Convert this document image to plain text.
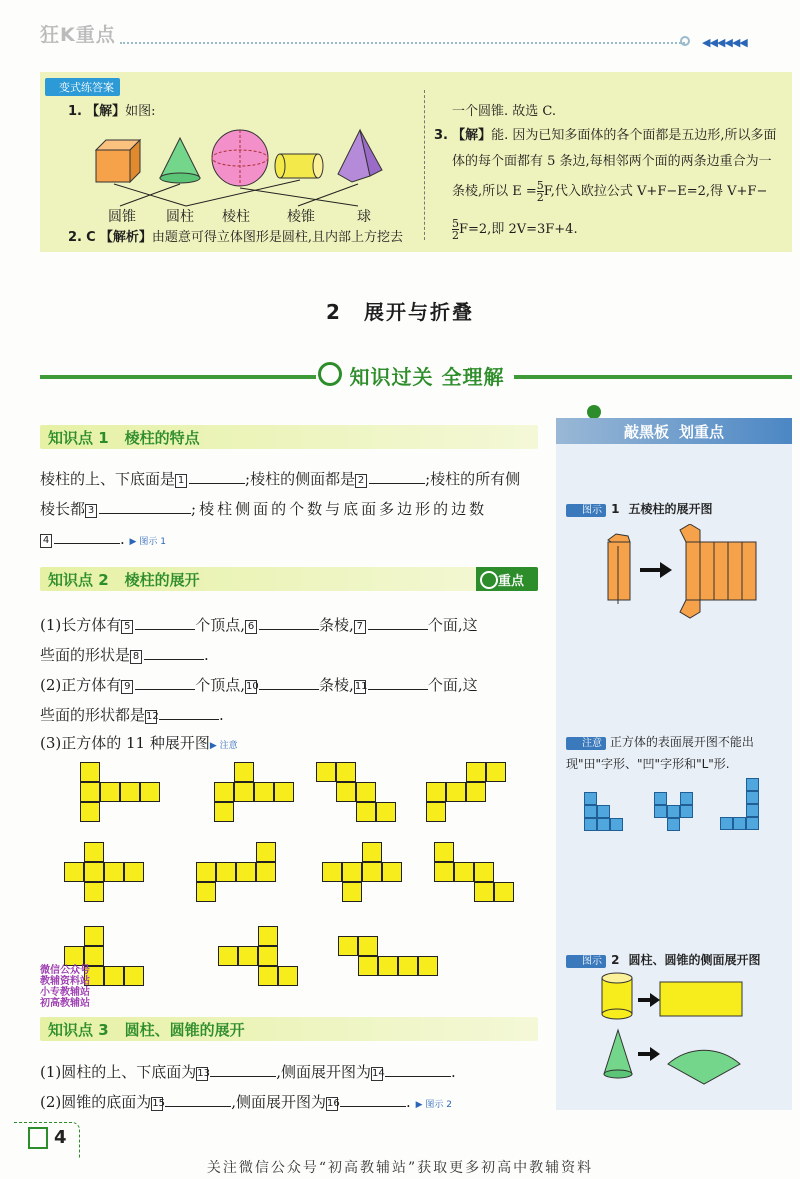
狂K重点	◀◀◀◀◀◀
变式练答案
1. 【解】如图:
圆锥 圆柱 棱柱	棱锥	球
2. C 【解析】由题意可得立体图形是圆柱,且内部上方挖去
一个圆锥. 故选 C.
3. 【解】能. 因为已知多面体的各个面都是五边形,所以多面
体的每个面都有 5 条边,每相邻两个面的两条边重合为一
条棱,所以 $E = \frac{5}{2} F$,代入欧拉公式 V+F−E=2,得 V+F−
$\frac{5}{2} F=2$,即 2V=3F+4.
2　展开与折叠
知识过关 全理解
知识点 1 棱柱的特点
棱柱的上、下底面是 1	;棱柱的侧面都是 2	;棱柱的所有侧
棱长都 3	;棱柱侧面的个数与底面多边形的边数
4	. ▶ 图示 1
知识点 2 棱柱的展开	重点
(1)长方体有 5	个顶点, 6	条棱, 7	个面,这
些面的形状是 8	.
(2)正方体有 9	个顶点,10	条棱,11	个面,这
些面的形状都是12	.
(3)正方体的 11 种展开图▶ 注意
微信公众号
教辅资料站
小专教辅站
初高教辅站
知识点 3 圆柱、圆锥的展开
(1)圆柱的上、下底面为13	,侧面展开图为14	.
(2)圆锥的底面为15	,侧面展开图为16	. ▶ 图示 2
敲黑板 划重点
图示 1 五棱柱的展开图
注意 正方体的表面展开图不能出
现"田"字形、"凹"字形和"L"形.
图示 2 圆柱、圆锥的侧面展开图
4
关注微信公众号“初高教辅站”获取更多初高中教辅资料
